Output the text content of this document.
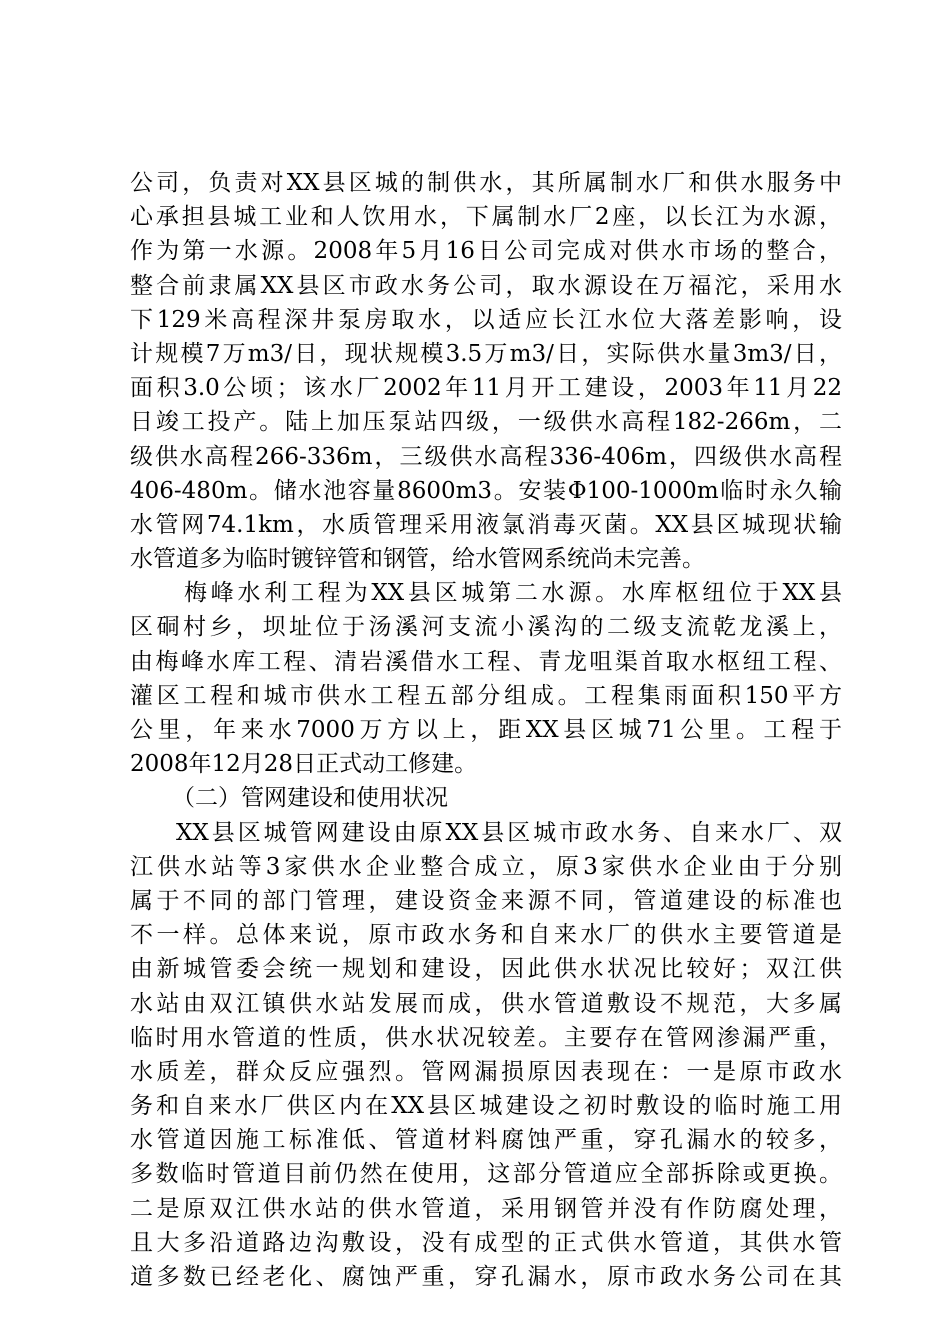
公司，负责对XX县区城的制供水，其所属制水厂和供水服务中
心承担县城工业和人饮用水，下属制水厂2座，以长江为水源，
作为第一水源。2008年5月16日公司完成对供水市场的整合，
整合前隶属XX县区市政水务公司，取水源设在万福沱，采用水
下129米高程深井泵房取水，以适应长江水位大落差影响，设
计规模7万m3/日，现状规模3.5万m3/日，实际供水量3m3/日，
面积3.0公顷；该水厂2002年11月开工建设，2003年11月22
日竣工投产。陆上加压泵站四级，一级供水高程182-266m，二
级供水高程266-336m，三级供水高程336-406m，四级供水高程
406-480m。储水池容量8600m3。安装Φ100-1000m临时永久输
水管网74.1km，水质管理采用液氯消毒灭菌。XX县区城现状输
水管道多为临时镀锌管和钢管，给水管网系统尚未完善。
梅峰水利工程为XX县区城第二水源。水库枢纽位于XX县
区硐村乡，坝址位于汤溪河支流小溪沟的二级支流乾龙溪上，
由梅峰水库工程、清岩溪借水工程、青龙咀渠首取水枢纽工程、
灌区工程和城市供水工程五部分组成。工程集雨面积150平方
公里，年来水7000万方以上，距XX县区城71公里。工程于
2008年12月28日正式动工修建。
（二）管网建设和使用状况
XX县区城管网建设由原XX县区城市政水务、自来水厂、双
江供水站等3家供水企业整合成立，原3家供水企业由于分别
属于不同的部门管理，建设资金来源不同，管道建设的标准也
不一样。总体来说，原市政水务和自来水厂的供水主要管道是
由新城管委会统一规划和建设，因此供水状况比较好；双江供
水站由双江镇供水站发展而成，供水管道敷设不规范，大多属
临时用水管道的性质，供水状况较差。主要存在管网渗漏严重，
水质差，群众反应强烈。管网漏损原因表现在：一是原市政水
务和自来水厂供区内在XX县区城建设之初时敷设的临时施工用
水管道因施工标准低、管道材料腐蚀严重，穿孔漏水的较多，
多数临时管道目前仍然在使用，这部分管道应全部拆除或更换。
二是原双江供水站的供水管道，采用钢管并没有作防腐处理，
且大多沿道路边沟敷设，没有成型的正式供水管道，其供水管
道多数已经老化、腐蚀严重，穿孔漏水，原市政水务公司在其
